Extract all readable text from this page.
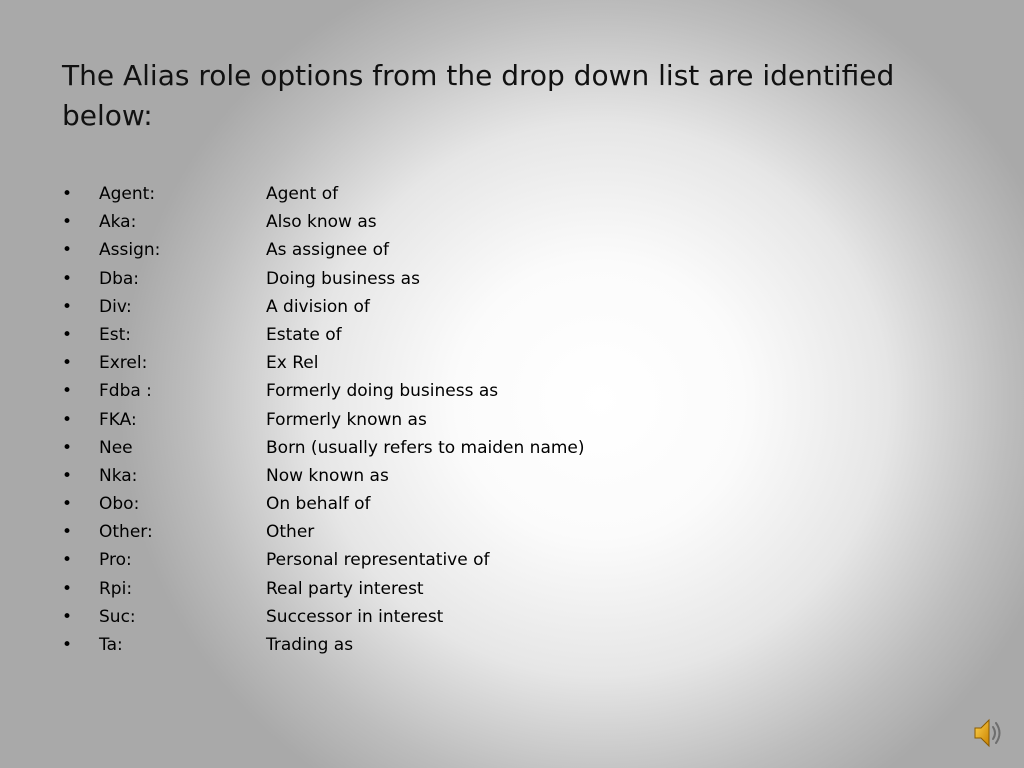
The Alias role options from the drop down list are identified below:
•	Agent:	Agent of
•	Aka:	Also know as
•	Assign:	As assignee of
•	Dba:	Doing business as
•	Div:	A division of
•	Est:	Estate of
•	Exrel:	Ex Rel
•	Fdba :	Formerly doing business as
•	FKA:	Formerly known as
•	Nee	Born (usually refers to maiden name)
•	Nka:	Now known as
•	Obo:	On behalf of
•	Other:	Other
•	Pro:	Personal representative of
•	Rpi:	Real party interest
•	Suc:	Successor in interest
•	Ta:	Trading as
